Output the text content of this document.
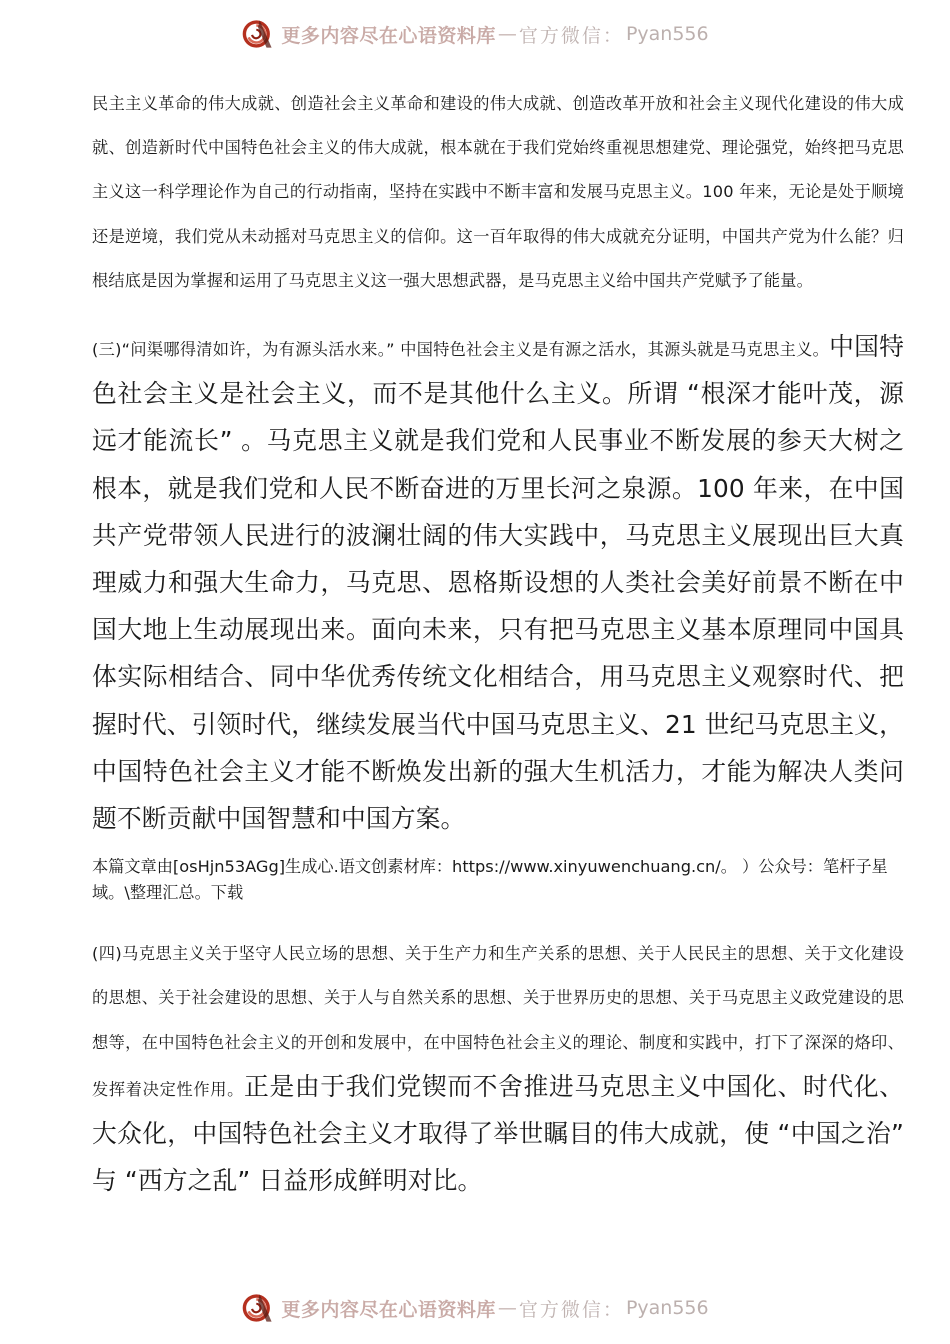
更多内容尽在心语资料库 — 官方微信： Pyan556

民主主义革命的伟大成就、创造社会主义革命和建设的伟大成就、创造改革开放和社会主义现代化建设的伟大成就、创造新时代中国特色社会主义的伟大成就，根本就在于我们党始终重视思想建党、理论强党，始终把马克思主义这一科学理论作为自己的行动指南，坚持在实践中不断丰富和发展马克思主义。100 年来，无论是处于顺境还是逆境，我们党从未动摇对马克思主义的信仰。这一百年取得的伟大成就充分证明，中国共产党为什么能？归根结底是因为掌握和运用了马克思主义这一强大思想武器，是马克思主义给中国共产党赋予了能量。

(三)“问渠哪得清如许，为有源头活水来。” 中国特色社会主义是有源之活水，其源头就是马克思主义。中国特色社会主义是社会主义，而不是其他什么主义。所谓 “根深才能叶茂，源远才能流长” 。马克思主义就是我们党和人民事业不断发展的参天大树之根本，就是我们党和人民不断奋进的万里长河之泉源。100 年来，在中国共产党带领人民进行的波澜壮阔的伟大实践中，马克思主义展现出巨大真理威力和强大生命力，马克思、恩格斯设想的人类社会美好前景不断在中国大地上生动展现出来。面向未来，只有把马克思主义基本原理同中国具体实际相结合、同中华优秀传统文化相结合，用马克思主义观察时代、把握时代、引领时代，继续发展当代中国马克思主义、21 世纪马克思主义，中国特色社会主义才能不断焕发出新的强大生机活力，才能为解决人类问题不断贡献中国智慧和中国方案。

本篇文章由[osHjn53AGg]生成心.语文创素材库：https://www.xinyuwenchuang.cn/。 ）公众号：笔杆子星域。\整理汇总。下载

(四)马克思主义关于坚守人民立场的思想、关于生产力和生产关系的思想、关于人民民主的思想、关于文化建设的思想、关于社会建设的思想、关于人与自然关系的思想、关于世界历史的思想、关于马克思主义政党建设的思想等，在中国特色社会主义的开创和发展中，在中国特色社会主义的理论、制度和实践中，打下了深深的烙印、发挥着决定性作用。正是由于我们党锲而不舍推进马克思主义中国化、时代化、大众化，中国特色社会主义才取得了举世瞩目的伟大成就，使 “中国之治” 与 “西方之乱” 日益形成鲜明对比。

更多内容尽在心语资料库 — 官方微信： Pyan556
